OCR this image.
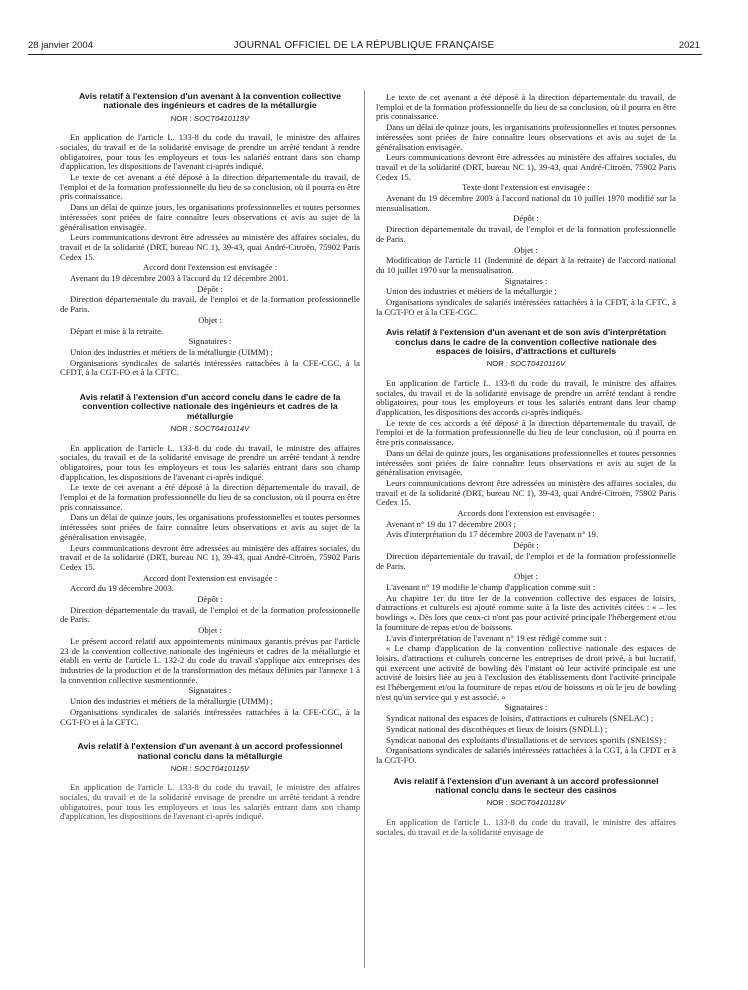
28 janvier 2004	JOURNAL OFFICIEL DE LA RÉPUBLIQUE FRANÇAISE	2021
Avis relatif à l'extension d'un avenant à la convention collective nationale des ingénieurs et cadres de la métallurgie
NOR : SOCT0410113V

En application de l'article L. 133-8 du code du travail, le ministre des affaires sociales, du travail et de la solidarité envisage de prendre un arrêté tendant à rendre obligatoires, pour tous les employeurs et tous les salariés entrant dans son champ d'application, les dispositions de l'avenant ci-après indiqué.

Le texte de cet avenant a été déposé à la direction départementale du travail, de l'emploi et de la formation professionnelle du lieu de sa conclusion, où il pourra en être pris connaissance.

Dans un délai de quinze jours, les organisations professionnelles et toutes personnes intéressées sont priées de faire connaître leurs observations et avis au sujet de la généralisation envisagée.

Leurs communications devront être adressées au ministère des affaires sociales, du travail et de la solidarité (DRT, bureau NC 1), 39-43, quai André-Citroën, 75902 Paris Cedex 15.

Accord dont l'extension est envisagée :

Avenant du 19 décembre 2003 à l'accord du 12 décembre 2001.

Dépôt :

Direction départementale du travail, de l'emploi et de la formation professionnelle de Paris.

Objet :

Départ et mise à la retraite.

Signataires :

Union des industries et métiers de la métallurgie (UIMM) ;

Organisations syndicales de salariés intéressées rattachées à la CFE-CGC, à la CFDT, à la CGT-FO et à la CFTC.

Avis relatif à l'extension d'un accord conclu dans le cadre de la convention collective nationale des ingénieurs et cadres de la métallurgie
NOR : SOCT0410114V

En application de l'article L. 133-8 du code du travail, le ministre des affaires sociales, du travail et de la solidarité envisage de prendre un arrêté tendant à rendre obligatoires, pour tous les employeurs et tous les salariés entrant dans son champ d'application, les dispositions de l'avenant ci-après indiqué.

Le texte de cet avenant a été déposé à la direction départementale du travail, de l'emploi et de la formation professionnelle du lieu de sa conclusion, où il pourra en être pris connaissance.

Dans un délai de quinze jours, les organisations professionnelles et toutes personnes intéressées sont priées de faire connaître leurs observations et avis au sujet de la généralisation envisagée.

Leurs communications devront être adressées au ministère des affaires sociales, du travail et de la solidarité (DRT, bureau NC 1), 39-43, quai André-Citroën, 75902 Paris Cedex 15.

Accord dont l'extension est envisagée :

Accord du 19 décembre 2003.

Dépôt :

Direction départementale du travail, de l'emploi et de la formation professionnelle de Paris.

Objet :

Le présent accord relatif aux appointements minimaux garantis prévus par l'article 23 de la convention collective nationale des ingénieurs et cadres de la métallurgie et établi en vertu de l'article L. 132-2 du code du travail s'applique aux entreprises des industries de la production et de la transformation des métaux définies par l'annexe 1 à la convention collective susmentionnée.

Signataires :

Union des industries et métiers de la métallurgie (UIMM) ;

Organisations syndicales de salariés intéressées rattachées à la CFE-CGC, à la CGT-FO et à la CFTC.

Avis relatif à l'extension d'un avenant à un accord professionnel national conclu dans la métallurgie
NOR : SOCT0410115V

En application de l'article L. 133-8 du code du travail, le ministre des affaires sociales, du travail et de la solidarité envisage de prendre un arrêté tendant à rendre obligatoires, pour tous les employeurs et tous les salariés entrant dans son champ d'application, les dispositions de l'avenant ci-après indiqué.

Le texte de cet avenant a été déposé à la direction départementale du travail, de l'emploi et de la formation professionnelle du lieu de sa conclusion, où il pourra en être pris connaissance.

Dans un délai de quinze jours, les organisations professionnelles et toutes personnes intéressées sont priées de faire connaître leurs observations et avis au sujet de la généralisation envisagée.

Leurs communications devront être adressées au ministère des affaires sociales, du travail et de la solidarité (DRT, bureau NC 1), 39-43, quai André-Citroën, 75902 Paris Cedex 15.

Texte dont l'extension est envisagée :

Avenant du 19 décembre 2003 à l'accord national du 10 juillet 1970 modifié sur la mensualisation.

Dépôt :

Direction départementale du travail, de l'emploi et de la formation professionnelle de Paris.

Objet :

Modification de l'article 11 (Indemnité de départ à la retraite) de l'accord national du 10 juillet 1970 sur la mensualisation.

Signataires :

Union des industries et métiers de la métallurgie ;

Organisations syndicales de salariés intéressées rattachées à la CFDT, à la CFTC, à la CGT-FO et à la CFE-CGC.

Avis relatif à l'extension d'un avenant et de son avis d'interprétation conclus dans le cadre de la convention collective nationale des espaces de loisirs, d'attractions et culturels
NOR : SOCT0410116V

En application de l'article L. 133-8 du code du travail, le ministre des affaires sociales, du travail et de la solidarité envisage de prendre un arrêté tendant à rendre obligatoires, pour tous les employeurs et tous les salariés entrant dans leur champ d'application, les dispositions des accords ci-après indiqués.

Le texte de ces accords a été déposé à la direction départementale du travail, de l'emploi et de la formation professionnelle du lieu de leur conclusion, où il pourra en être pris connaissance.

Dans un délai de quinze jours, les organisations professionnelles et toutes personnes intéressées sont priées de faire connaître leurs observations et avis au sujet de la généralisation envisagée.

Leurs communications devront être adressées au ministère des affaires sociales, du travail et de la solidarité (DRT, bureau NC 1), 39-43, quai André-Citroën, 75902 Paris Cedex 15.

Accords dont l'extension est envisagée :

Avenant n° 19 du 17 décembre 2003 ;

Avis d'interprétation du 17 décembre 2003 de l'avenant n° 19.

Dépôt :

Direction départementale du travail, de l'emploi et de la formation professionnelle de Paris.

Objet :

L'avenant n° 19 modifie le champ d'application comme suit :

Au chapitre 1er du titre Ier de la convention collective des espaces de loisirs, d'attractions et culturels est ajouté comme suite à la liste des activités citées : « – les bowlings ». Dès lors que ceux-ci n'ont pas pour activité principale l'hébergement et/ou la fourniture de repas et/ou de boissons.

L'avis d'interprétation de l'avenant n° 19 est rédigé comme suit :

« Le champ d'application de la convention collective nationale des espaces de loisirs, d'attractions et culturels concerne les entreprises de droit privé, à but lucratif, qui exercent une activité de bowling dès l'instant où leur activité principale est une activité de loisirs liée au jeu à l'exclusion des établissements dont l'activité principale est l'hébergement et/ou la fourniture de repas et/ou de boissons et où le jeu de bowling n'est qu'un service qui y est associé. »

Signataires :

Syndicat national des espaces de loisirs, d'attractions et culturels (SNELAC) ;

Syndicat national des discothèques et lieux de loisirs (SNDLL) ;

Syndicat national des exploitants d'installations et de services sportifs (SNEISS) ;

Organisations syndicales de salariés intéressées rattachées à la CGT, à la CFDT et à la CGT-FO.

Avis relatif à l'extension d'un avenant à un accord professionnel national conclu dans le secteur des casinos
NOR : SOCT0410118V

En application de l'article L. 133-8 du code du travail, le ministre des affaires sociales, du travail et de la solidarité envisage de
